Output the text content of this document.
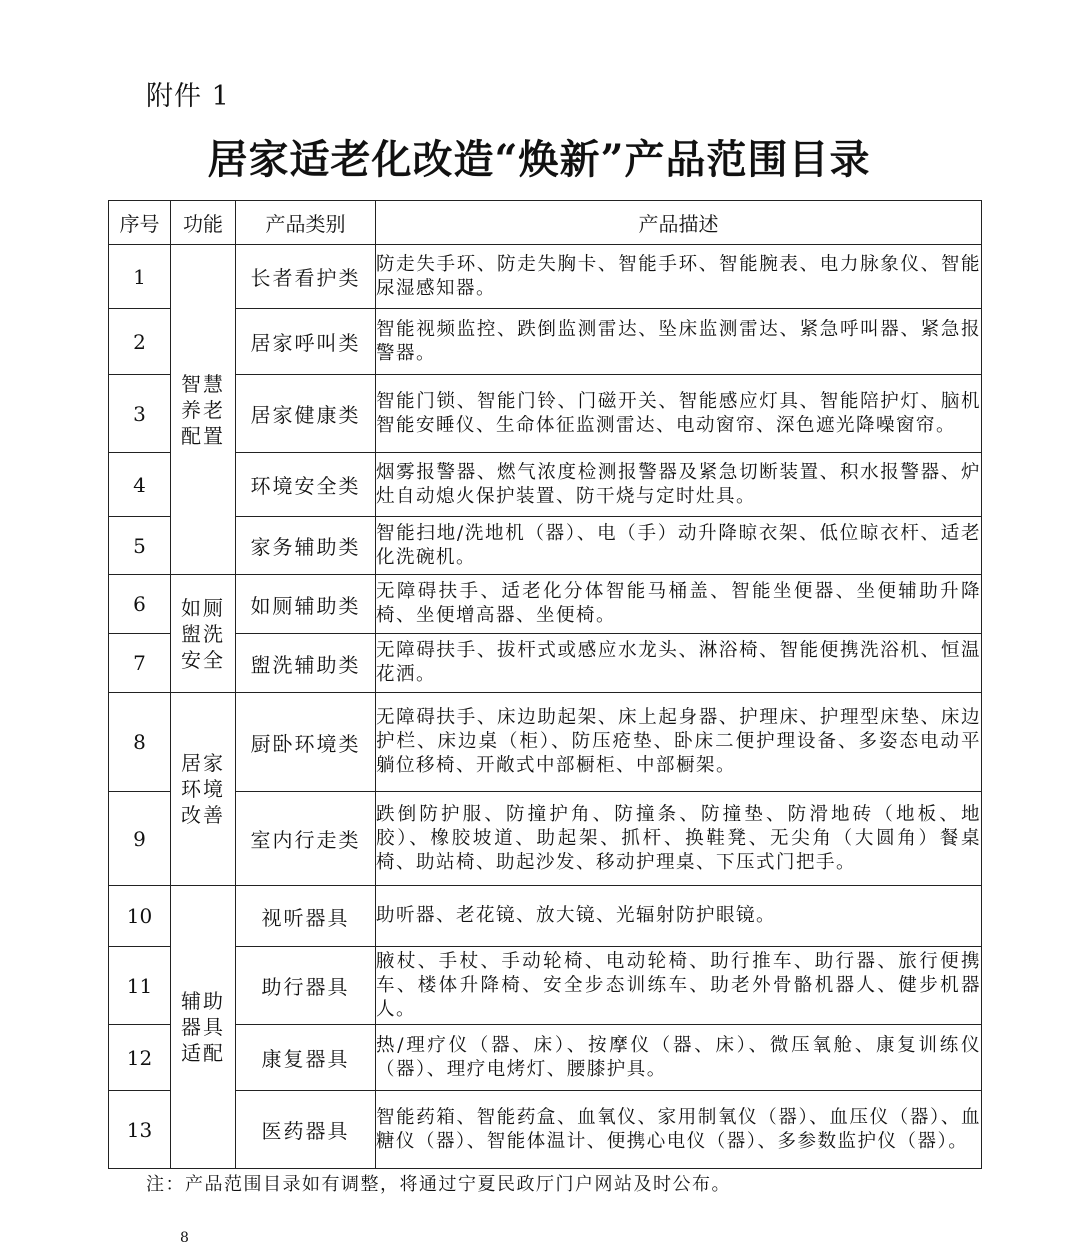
附件 1
居家适老化改造“焕新”产品范围目录
序号	功能	产品类别	产品描述
1	智慧养老配置	长者看护类	防走失手环、防走失胸卡、智能手环、智能腕表、电力脉象仪、智能尿湿感知器。
2		居家呼叫类	智能视频监控、跌倒监测雷达、坠床监测雷达、紧急呼叫器、紧急报警器。
3		居家健康类	智能门锁、智能门铃、门磁开关、智能感应灯具、智能陪护灯、脑机智能安睡仪、生命体征监测雷达、电动窗帘、深色遮光降噪窗帘。
4		环境安全类	烟雾报警器、燃气浓度检测报警器及紧急切断装置、积水报警器、炉灶自动熄火保护装置、防干烧与定时灶具。
5		家务辅助类	智能扫地/洗地机（器）、电（手）动升降晾衣架、低位晾衣杆、适老化洗碗机。
6	如厕盥洗安全	如厕辅助类	无障碍扶手、适老化分体智能马桶盖、智能坐便器、坐便辅助升降椅、坐便增高器、坐便椅。
7		盥洗辅助类	无障碍扶手、拔杆式或感应水龙头、淋浴椅、智能便携洗浴机、恒温花洒。
8	居家环境改善	厨卧环境类	无障碍扶手、床边助起架、床上起身器、护理床、护理型床垫、床边护栏、床边桌（柜）、防压疮垫、卧床二便护理设备、多姿态电动平躺位移椅、开敞式中部橱柜、中部橱架。
9		室内行走类	跌倒防护服、防撞护角、防撞条、防撞垫、防滑地砖（地板、地胶）、橡胶坡道、助起架、抓杆、换鞋凳、无尖角（大圆角）餐桌椅、助站椅、助起沙发、移动护理桌、下压式门把手。
10	辅助器具适配	视听器具	助听器、老花镜、放大镜、光辐射防护眼镜。
11		助行器具	腋杖、手杖、手动轮椅、电动轮椅、助行推车、助行器、旅行便携车、楼体升降椅、安全步态训练车、助老外骨骼机器人、健步机器人。
12		康复器具	热/理疗仪（器、床）、按摩仪（器、床）、微压氧舱、康复训练仪（器）、理疗电烤灯、腰膝护具。
13		医药器具	智能药箱、智能药盒、血氧仪、家用制氧仪（器）、血压仪（器）、血糖仪（器）、智能体温计、便携心电仪（器）、多参数监护仪（器）。
注：产品范围目录如有调整，将通过宁夏民政厅门户网站及时公布。
8
